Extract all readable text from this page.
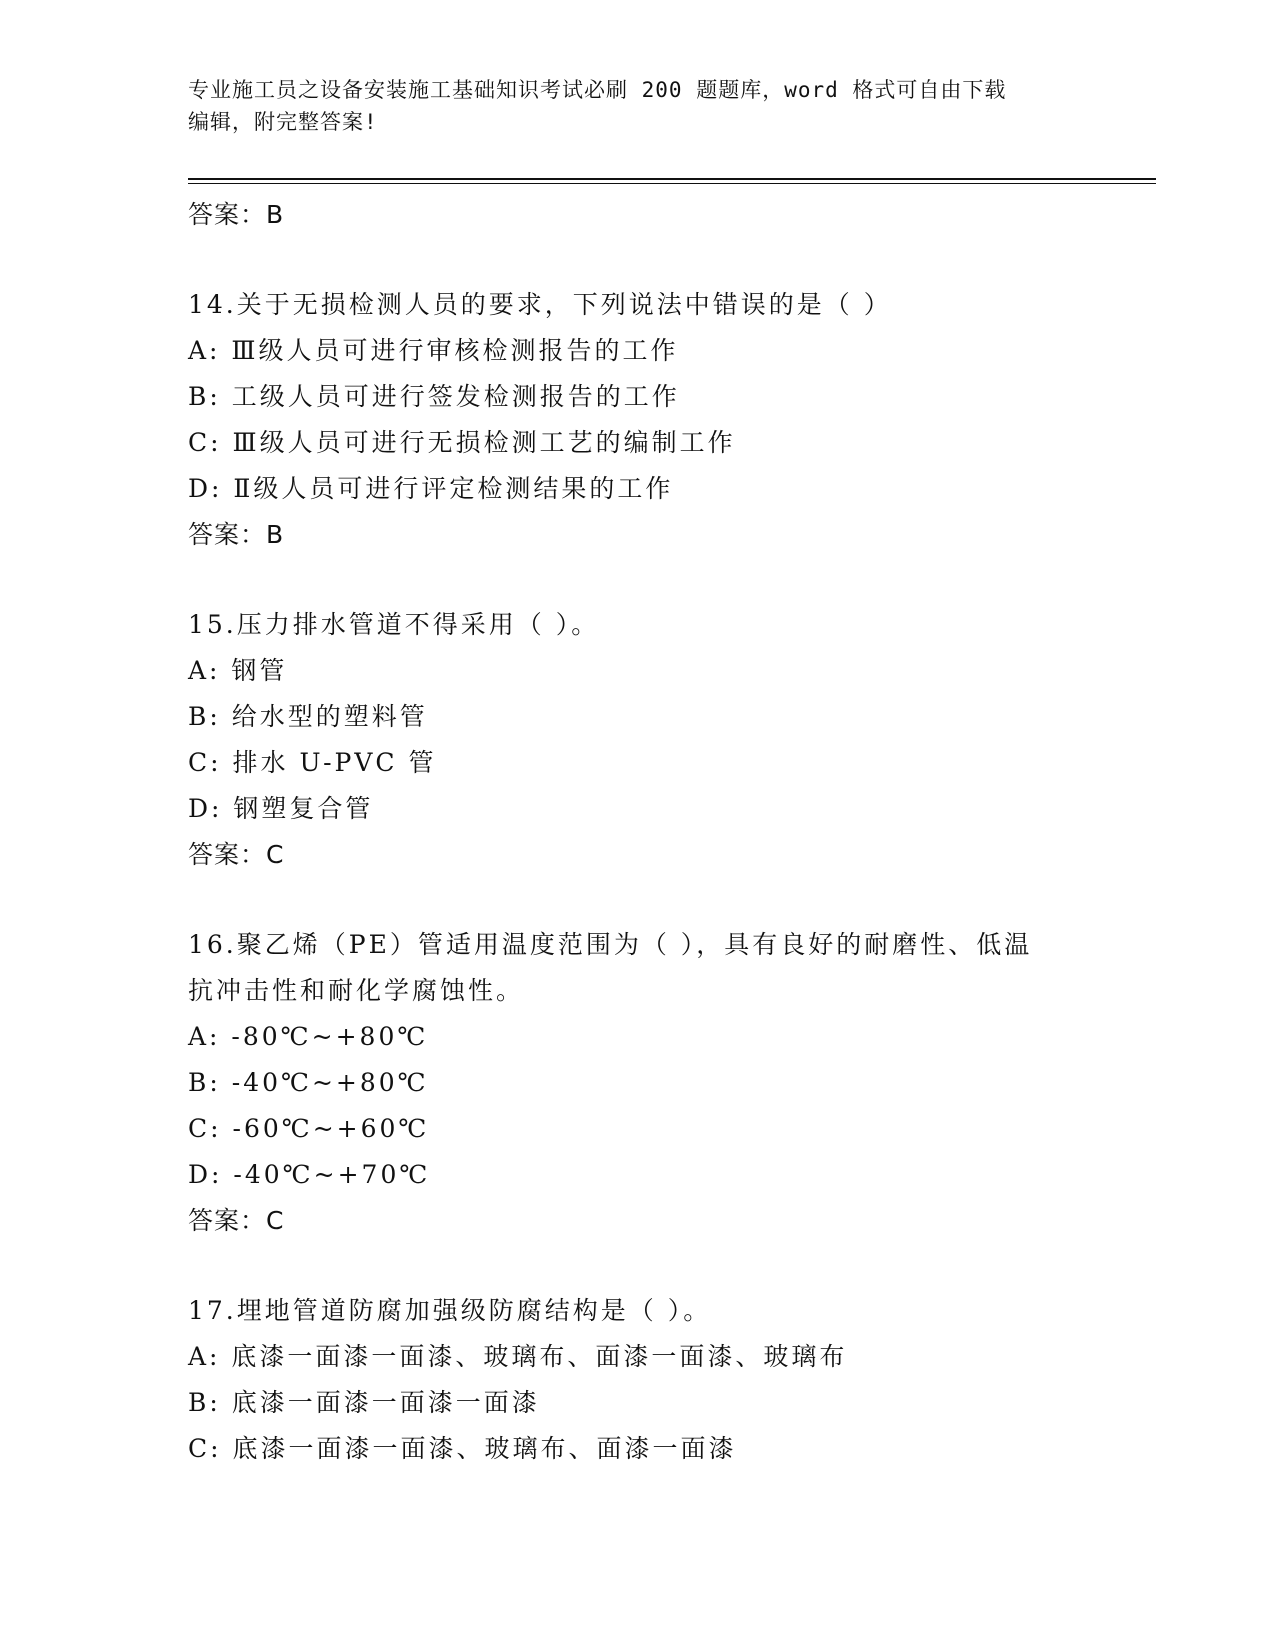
专业施工员之设备安装施工基础知识考试必刷 200 题题库，word 格式可自由下载
编辑，附完整答案!
答案：B
14.关于无损检测人员的要求，下列说法中错误的是（ ）
A: Ⅲ级人员可进行审核检测报告的工作
B: 工级人员可进行签发检测报告的工作
C: Ⅲ级人员可进行无损检测工艺的编制工作
D: Ⅱ级人员可进行评定检测结果的工作
答案：B
15.压力排水管道不得采用（ ）。
A: 钢管
B: 给水型的塑料管
C: 排水 U-PVC 管
D: 钢塑复合管
答案：C
16.聚乙烯（PE）管适用温度范围为（ ），具有良好的耐磨性、低温抗冲击性和耐化学腐蚀性。
A: -80℃~+80℃
B: -40℃~+80℃
C: -60℃~+60℃
D: -40℃~+70℃
答案：C
17.埋地管道防腐加强级防腐结构是（ ）。
A: 底漆一面漆一面漆、玻璃布、面漆一面漆、玻璃布
B: 底漆一面漆一面漆一面漆
C: 底漆一面漆一面漆、玻璃布、面漆一面漆
